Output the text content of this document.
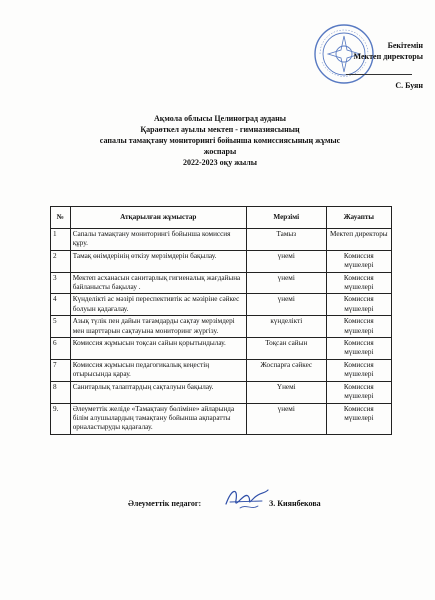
Бекітемін
Мектеп директоры
С. Буян
Ақмола облысы Целиноград ауданы
Қараөткел ауылы мектеп - гимназиясының
сапалы тамақтану мониторингі бойынша комиссиясының жұмыс
жоспары
2022-2023 оқу жылы
№	Атқарылған жұмыстар	Мерзімі	Жауапты
1	Сапалы тамақтану мониторингі бойынша комиссия құру.	Тамыз	Мектеп директоры
2	Тамақ өнімдерінің өткізу мерзімдерін бақылау.	үнемі	Комиссия мүшелері
3	Мектеп асханасын санитарлық гигиеналық жағдайына байланысты бақылау .	үнемі	Комиссия мүшелері
4	Күнделікті ас мәзірі переспективтік ас мәзіріне сәйкес болуын қадағалау.	үнемі	Комиссия мүшелері
5	Азық түлік пен дайын тағамдарды сақтау мерзімдері мен шарттарын сақтауына мониторинг жүргізу.	күнделікті	Комиссия мүшелері
6	Комиссия жұмысын тоқсан сайын қорытындылау.	Тоқсан сайын	Комиссия мүшелері
7	Комиссия жұмысын педагогикалық кеңестің отырысында қарау.	Жоспарға сәйкес	Комиссия мүшелері
8	Санитарлық талаптардың сақталуын бақылау.	Үнемі	Комиссия мүшелері
9.	Әлеуметтік желіде «Тамақтану бөліміне» айларында білім алушылардың тамақтану бойынша ақпаратты орналастыруды қадағалау.	үнемі	Комиссия мүшелері
Әлеуметтік педагог:	З. Киянбекова
